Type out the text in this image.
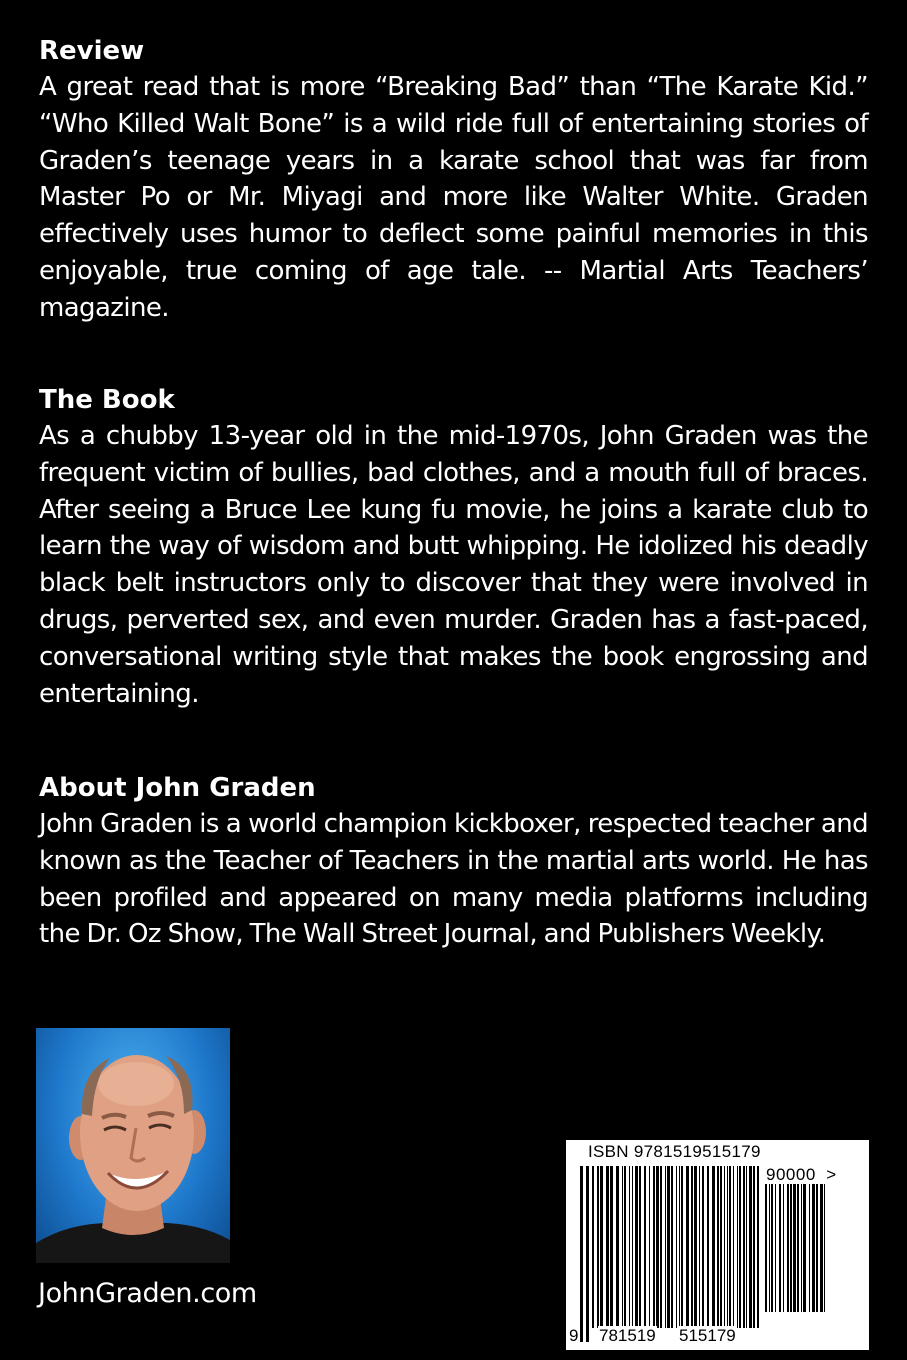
Review

A great read that is more “Breaking Bad” than “The Karate Kid.” “Who Killed Walt Bone” is a wild ride full of entertaining stories of Graden’s teenage years in a karate school that was far from Master Po or Mr. Miyagi and more like Walter White. Graden effectively uses humor to deflect some painful memories in this enjoyable, true coming of age tale. -- Martial Arts Teachers’ magazine.

The Book

As a chubby 13-year old in the mid-1970s, John Graden was the frequent victim of bullies, bad clothes, and a mouth full of braces. After seeing a Bruce Lee kung fu movie, he joins a karate club to learn the way of wisdom and butt whipping. He idolized his deadly black belt instructors only to discover that they were involved in drugs, perverted sex, and even murder. Graden has a fast-paced, conversational writing style that makes the book engrossing and entertaining.

About John Graden

John Graden is a world champion kickboxer, respected teacher and known as the Teacher of Teachers in the martial arts world. He has been profiled and appeared on many media platforms including the Dr. Oz Show, The Wall Street Journal, and Publishers Weekly.

JohnGraden.com
ISBN 9781519515179
90000 >
9 781519 515179
